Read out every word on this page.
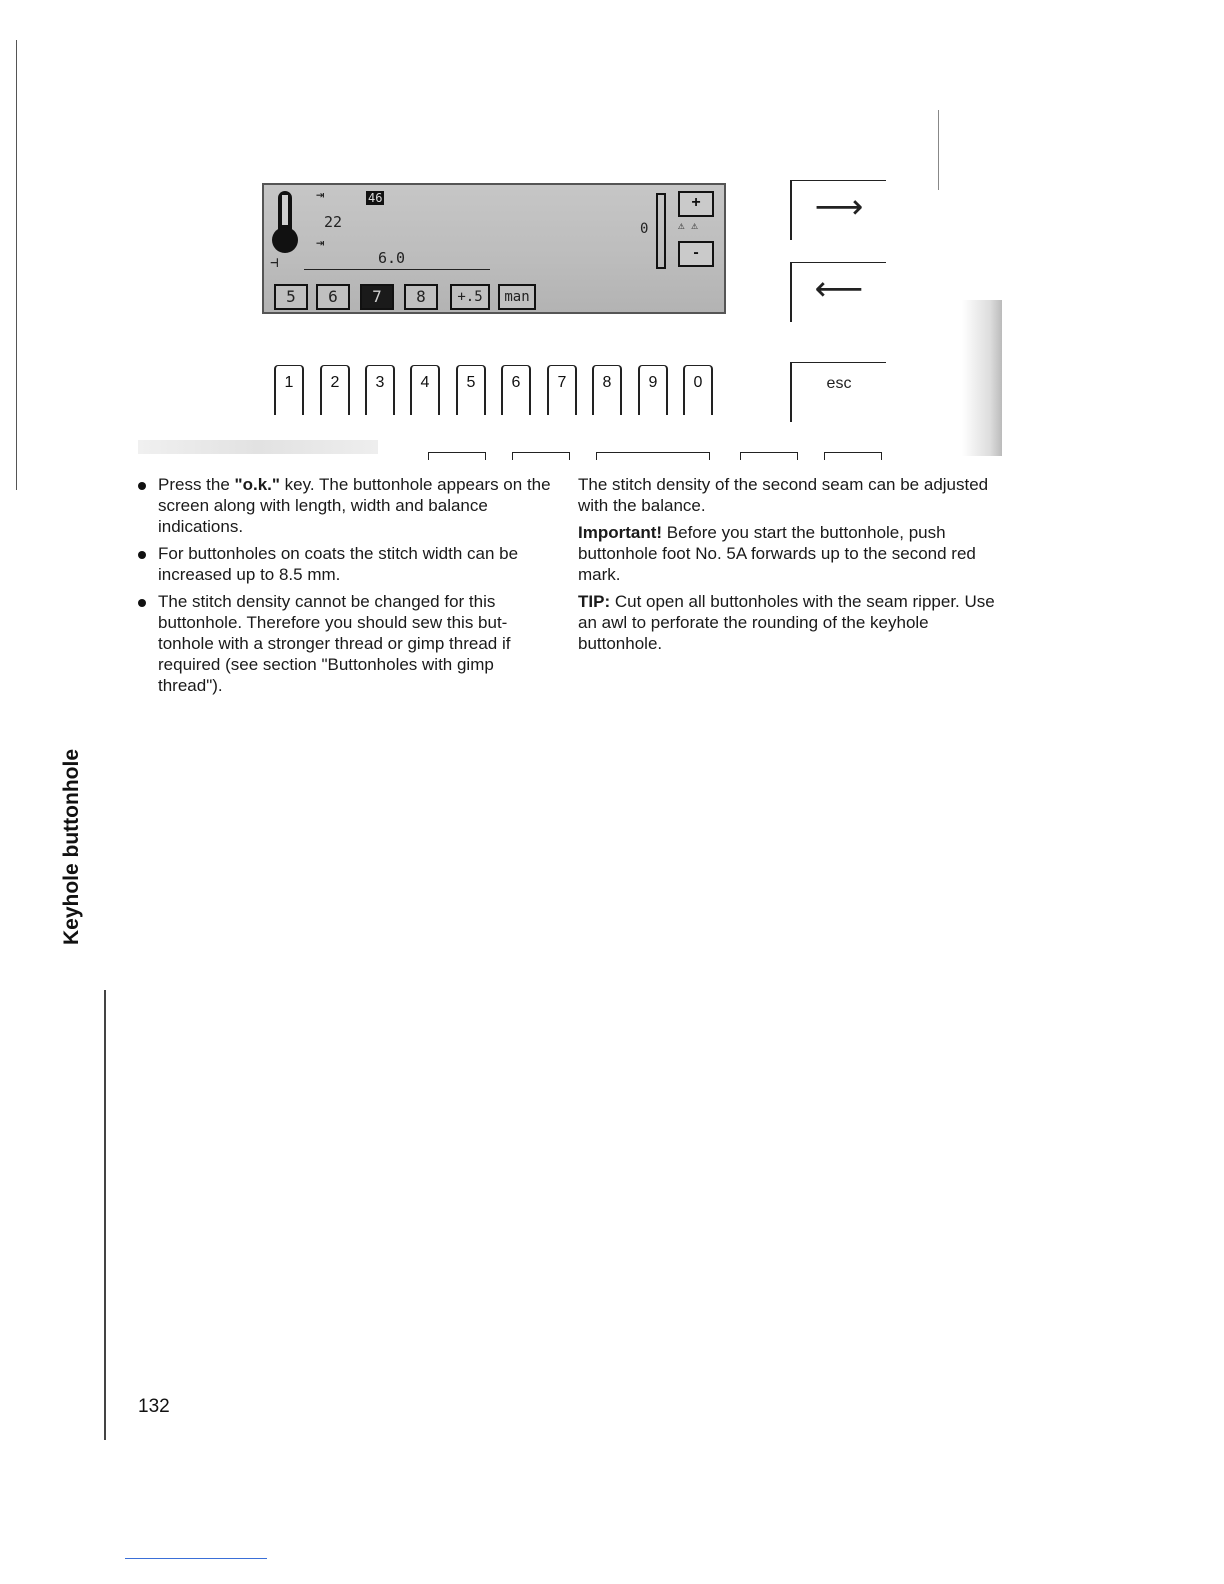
⇥	46
22
⇥
6.0
⊣
5	6	7	8	+.5	man
0
+
⚠ ⚠
-
⟶
⟵
esc
1	2	3	4	5	6	7	8	9	0
Press the "o.k." key. The buttonhole appears on the screen along with length, width and balance indications.
For buttonholes on coats the stitch width can be increased up to 8.5 mm.
The stitch density cannot be changed for this buttonhole. Therefore you should sew this but-tonhole with a stronger thread or gimp thread if required (see section "Buttonholes with gimp thread").

The stitch density of the second seam can be adjusted with the balance.

Important! Before you start the buttonhole, push buttonhole foot No. 5A forwards up to the second red mark.

TIP: Cut open all buttonholes with the seam ripper. Use an awl to perforate the rounding of the keyhole buttonhole.

Keyhole buttonhole
132
